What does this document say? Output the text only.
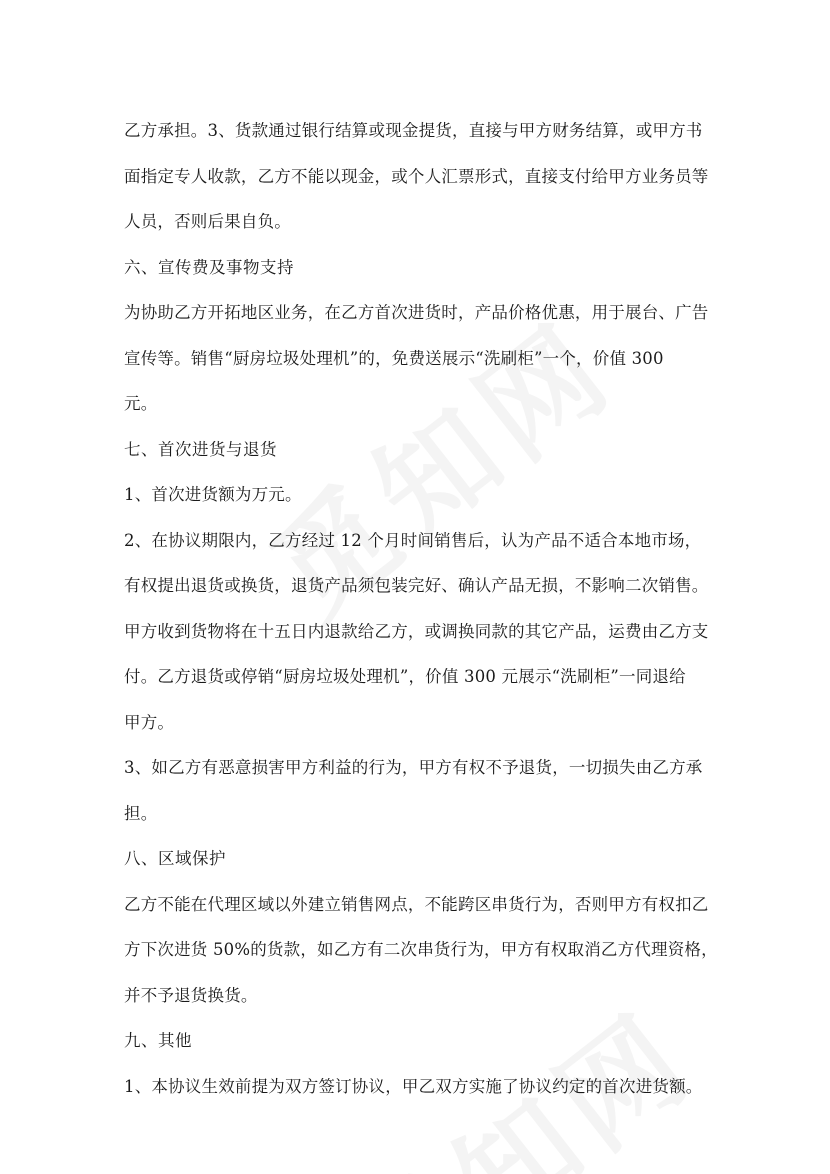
乙方承担。3、货款通过银行结算或现金提货，直接与甲方财务结算，或甲方书
面指定专人收款，乙方不能以现金，或个人汇票形式，直接支付给甲方业务员等
人员，否则后果自负。
六、宣传费及事物支持
为协助乙方开拓地区业务，在乙方首次进货时，产品价格优惠，用于展台、广告
宣传等。销售“厨房垃圾处理机”的，免费送展示“洗刷柜”一个，价值 300
元。
七、首次进货与退货
1、首次进货额为万元。
2、在协议期限内，乙方经过 12 个月时间销售后，认为产品不适合本地市场，
有权提出退货或换货，退货产品须包装完好、确认产品无损，不影响二次销售。
甲方收到货物将在十五日内退款给乙方，或调换同款的其它产品，运费由乙方支
付。乙方退货或停销“厨房垃圾处理机”，价值 300 元展示“洗刷柜”一同退给
甲方。
3、如乙方有恶意损害甲方利益的行为，甲方有权不予退货，一切损失由乙方承
担。
八、区域保护
乙方不能在代理区域以外建立销售网点，不能跨区串货行为，否则甲方有权扣乙
方下次进货 50%的货款，如乙方有二次串货行为，甲方有权取消乙方代理资格，
并不予退货换货。
九、其他
1、本协议生效前提为双方签订协议，甲乙双方实施了协议约定的首次进货额。
